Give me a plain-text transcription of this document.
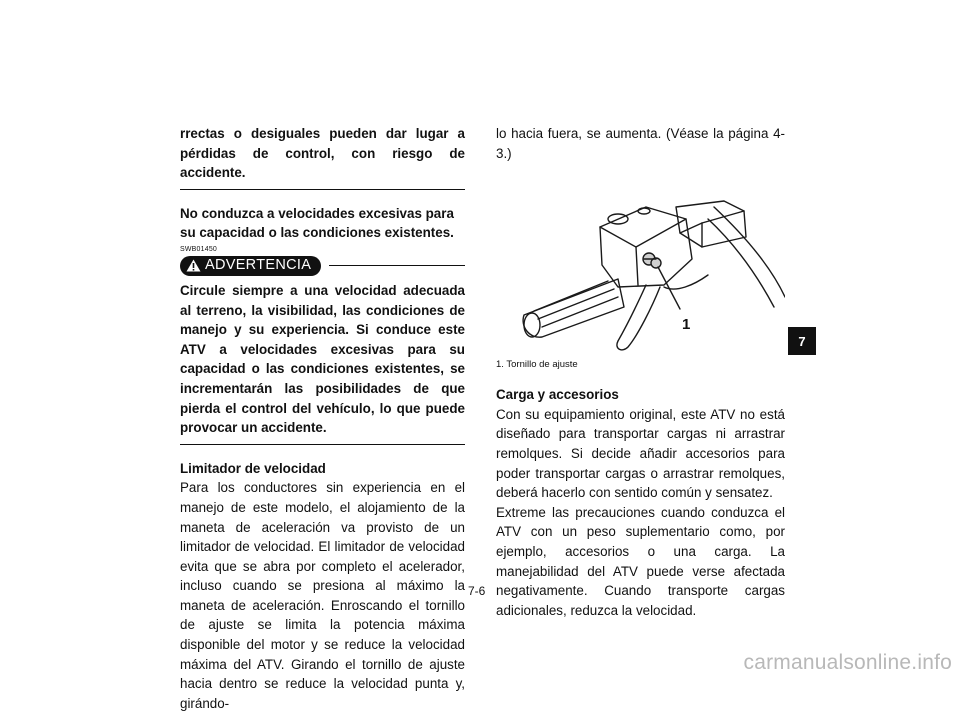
rrectas o desiguales pueden dar lugar a pérdidas de control, con riesgo de accidente.

No conduzca a velocidades excesivas para su capacidad o las condiciones existentes.

SWB01450
ADVERTENCIA

Circule siempre a una velocidad adecuada al terreno, la visibilidad, las condiciones de manejo y su experiencia. Si conduce este ATV a velocidades excesivas para su capacidad o las condiciones existentes, se incrementarán las posibilidades de que pierda el control del vehículo, lo que puede provocar un accidente.

Limitador de velocidad

Para los conductores sin experiencia en el manejo de este modelo, el alojamiento de la maneta de aceleración va provisto de un limitador de velocidad. El limitador de velocidad evita que se abra por completo el acelerador, incluso cuando se presiona al máximo la maneta de aceleración. Enroscando el tornillo de ajuste se limita la potencia máxima disponible del motor y se reduce la velocidad máxima del ATV. Girando el tornillo de ajuste hacia dentro se reduce la velocidad punta y, girándo-

lo hacia fuera, se aumenta. (Véase la página 4-3.)

1

1. Tornillo de ajuste

Carga y accesorios

Con su equipamiento original, este ATV no está diseñado para transportar cargas ni arrastrar remolques. Si decide añadir accesorios para poder transportar cargas o arrastrar remolques, deberá hacerlo con sentido común y sensatez.

Extreme las precauciones cuando conduzca el ATV con un peso suplementario como, por ejemplo, accesorios o una carga. La manejabilidad del ATV puede verse afectada negativamente. Cuando transporte cargas adicionales, reduzca la velocidad.

7
7-6
carmanualsonline.info
